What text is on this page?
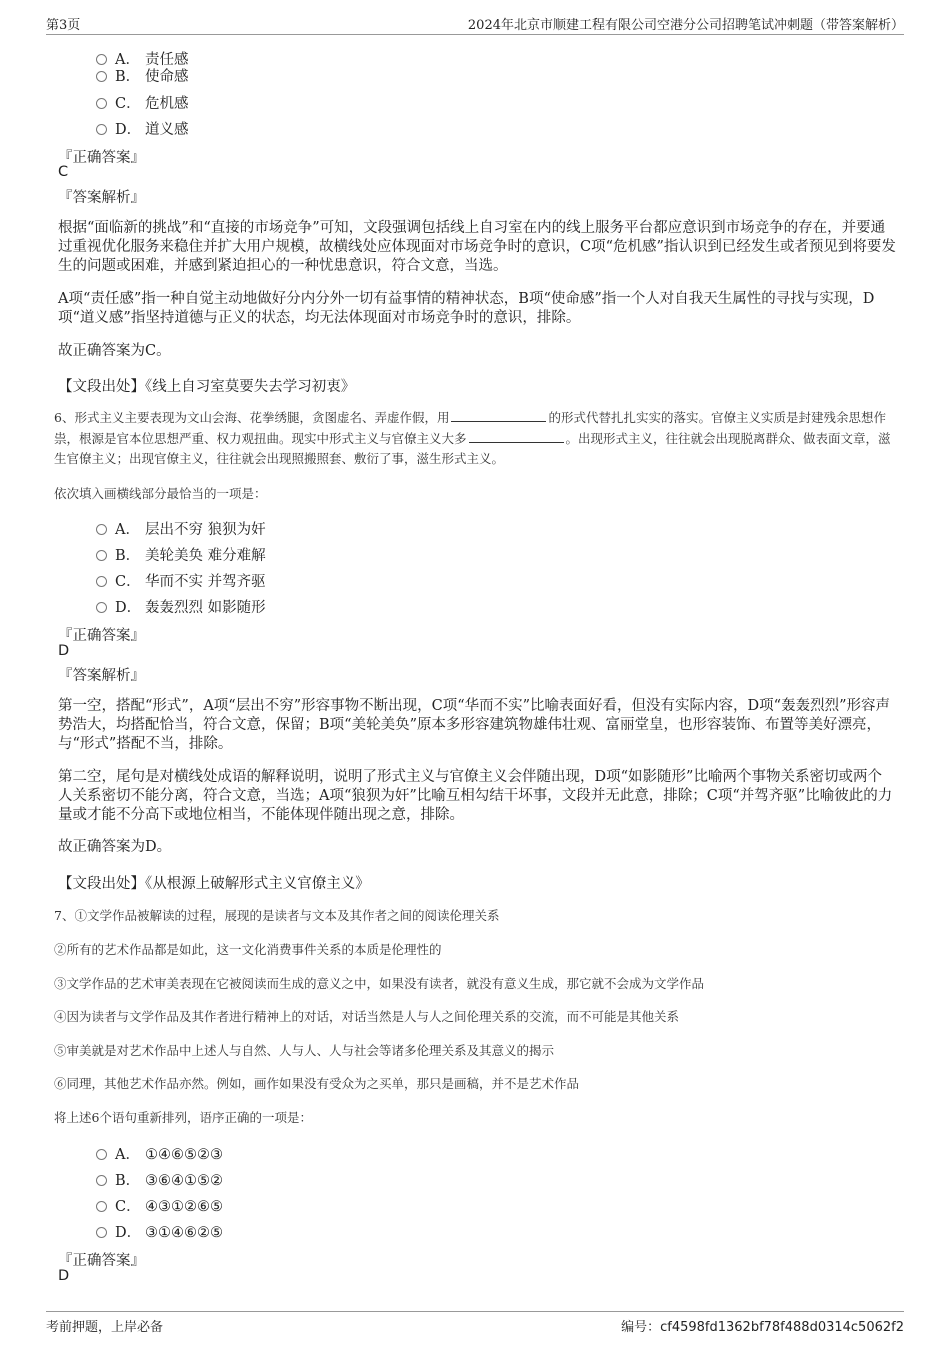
第3页	2024年北京市顺建工程有限公司空港分公司招聘笔试冲刺题（带答案解析）
A． 责任感
B． 使命感
C． 危机感
D． 道义感
『正确答案』
C
『答案解析』
根据“面临新的挑战”和“直接的市场竞争”可知，文段强调包括线上自习室在内的线上服务平台都应意识到市场竞争的存在，并要通过重视优化服务来稳住并扩大用户规模，故横线处应体现面对市场竞争时的意识，C项“危机感”指认识到已经发生或者预见到将要发生的问题或困难，并感到紧迫担心的一种忧患意识，符合文意，当选。
A项“责任感”指一种自觉主动地做好分内分外一切有益事情的精神状态，B项“使命感”指一个人对自我天生属性的寻找与实现，D项“道义感”指坚持道德与正义的状态，均无法体现面对市场竞争时的意识，排除。
故正确答案为C。
【文段出处】《线上自习室莫要失去学习初衷》
6、形式主义主要表现为文山会海、花拳绣腿，贪图虚名、弄虚作假，用	的形式代替扎扎实实的落实。官僚主义实质是封建残余思想作祟，根源是官本位思想严重、权力观扭曲。现实中形式主义与官僚主义大多	。出现形式主义，往往就会出现脱离群众、做表面文章，滋生官僚主义；出现官僚主义，往往就会出现照搬照套、敷衍了事，滋生形式主义。
依次填入画横线部分最恰当的一项是：
A． 层出不穷 狼狈为奸
B． 美轮美奂 难分难解
C． 华而不实 并驾齐驱
D． 轰轰烈烈 如影随形
『正确答案』
D
『答案解析』
第一空，搭配“形式”，A项“层出不穷”形容事物不断出现，C项“华而不实”比喻表面好看，但没有实际内容，D项“轰轰烈烈”形容声势浩大，均搭配恰当，符合文意，保留；B项“美轮美奂”原本多形容建筑物雄伟壮观、富丽堂皇，也形容装饰、布置等美好漂亮，与“形式”搭配不当，排除。
第二空，尾句是对横线处成语的解释说明，说明了形式主义与官僚主义会伴随出现，D项“如影随形”比喻两个事物关系密切或两个人关系密切不能分离，符合文意，当选；A项“狼狈为奸”比喻互相勾结干坏事，文段并无此意，排除；C项“并驾齐驱”比喻彼此的力量或才能不分高下或地位相当，不能体现伴随出现之意，排除。
故正确答案为D。
【文段出处】《从根源上破解形式主义官僚主义》
7、①文学作品被解读的过程，展现的是读者与文本及其作者之间的阅读伦理关系
②所有的艺术作品都是如此，这一文化消费事件关系的本质是伦理性的
③文学作品的艺术审美表现在它被阅读而生成的意义之中，如果没有读者，就没有意义生成，那它就不会成为文学作品
④因为读者与文学作品及其作者进行精神上的对话，对话当然是人与人之间伦理关系的交流，而不可能是其他关系
⑤审美就是对艺术作品中上述人与自然、人与人、人与社会等诸多伦理关系及其意义的揭示
⑥同理，其他艺术作品亦然。例如，画作如果没有受众为之买单，那只是画稿，并不是艺术作品
将上述6个语句重新排列，语序正确的一项是：
A． ①④⑥⑤②③
B． ③⑥④①⑤②
C． ④③①②⑥⑤
D． ③①④⑥②⑤
『正确答案』
D
考前押题，上岸必备	编号：cf4598fd1362bf78f488d0314c5062f2
